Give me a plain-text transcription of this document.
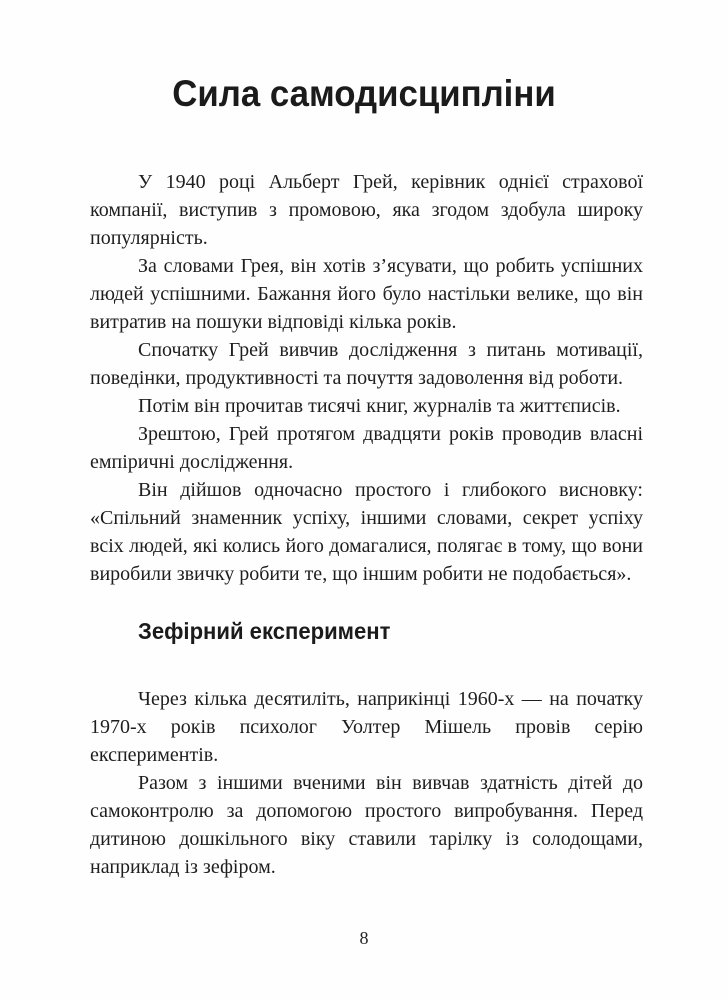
Сила самодисципліни

У 1940 році Альберт Грей, керівник однієї страхової компанії, виступив з промовою, яка згодом здобула широку популярність.

За словами Грея, він хотів з’ясувати, що робить успішних людей успішними. Бажання його було настільки велике, що він витратив на пошуки відповіді кілька років.

Спочатку Грей вивчив дослідження з питань мотивації, поведінки, продуктивності та почуття задоволення від роботи.

Потім він прочитав тисячі книг, журналів та життєписів.

Зрештою, Грей протягом двадцяти років проводив власні емпіричні дослідження.

Він дійшов одночасно простого і глибокого висновку: «Спільний знаменник успіху, іншими словами, секрет успіху всіх людей, які колись його домагалися, полягає в тому, що вони виробили звичку робити те, що іншим робити не подобається».

Зефірний експеримент

Через кілька десятиліть, наприкінці 1960-х — на початку 1970-х років психолог Уолтер Мішель провів серію експериментів.

Разом з іншими вченими він вивчав здатність дітей до самоконтролю за допомогою простого випробування. Перед дитиною дошкільного віку ставили тарілку із солодощами, наприклад із зефіром.

8
